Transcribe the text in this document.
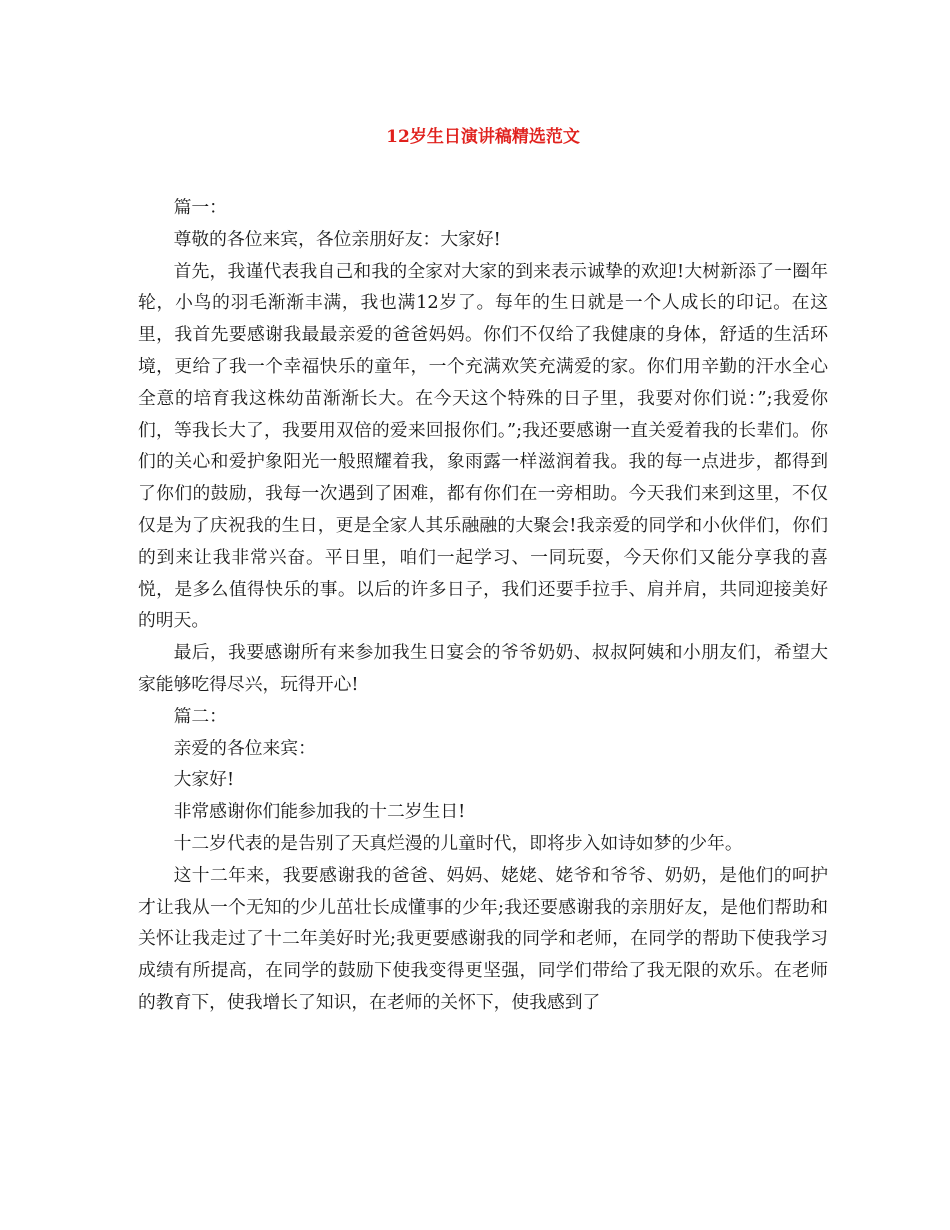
12岁生日演讲稿精选范文

篇一：

尊敬的各位来宾，各位亲朋好友：大家好!

首先，我谨代表我自己和我的全家对大家的到来表示诚挚的欢迎!大树新添了一圈年轮，小鸟的羽毛渐渐丰满，我也满12岁了。每年的生日就是一个人成长的印记。在这里，我首先要感谢我最最亲爱的爸爸妈妈。你们不仅给了我健康的身体，舒适的生活环境，更给了我一个幸福快乐的童年，一个充满欢笑充满爱的家。你们用辛勤的汗水全心全意的培育我这株幼苗渐渐长大。在今天这个特殊的日子里，我要对你们说：”;我爱你们，等我长大了，我要用双倍的爱来回报你们。”;我还要感谢一直关爱着我的长辈们。你们的关心和爱护象阳光一般照耀着我，象雨露一样滋润着我。我的每一点进步，都得到了你们的鼓励，我每一次遇到了困难，都有你们在一旁相助。今天我们来到这里，不仅仅是为了庆祝我的生日，更是全家人其乐融融的大聚会!我亲爱的同学和小伙伴们，你们的到来让我非常兴奋。平日里，咱们一起学习、一同玩耍，今天你们又能分享我的喜悦，是多么值得快乐的事。以后的许多日子，我们还要手拉手、肩并肩，共同迎接美好的明天。

最后，我要感谢所有来参加我生日宴会的爷爷奶奶、叔叔阿姨和小朋友们，希望大家能够吃得尽兴，玩得开心!

篇二：

亲爱的各位来宾：

大家好!

非常感谢你们能参加我的十二岁生日!

十二岁代表的是告别了天真烂漫的儿童时代，即将步入如诗如梦的少年。

这十二年来，我要感谢我的爸爸、妈妈、姥姥、姥爷和爷爷、奶奶，是他们的呵护才让我从一个无知的少儿茁壮长成懂事的少年;我还要感谢我的亲朋好友，是他们帮助和关怀让我走过了十二年美好时光;我更要感谢我的同学和老师，在同学的帮助下使我学习成绩有所提高，在同学的鼓励下使我变得更坚强，同学们带给了我无限的欢乐。在老师的教育下，使我增长了知识，在老师的关怀下，使我感到了
